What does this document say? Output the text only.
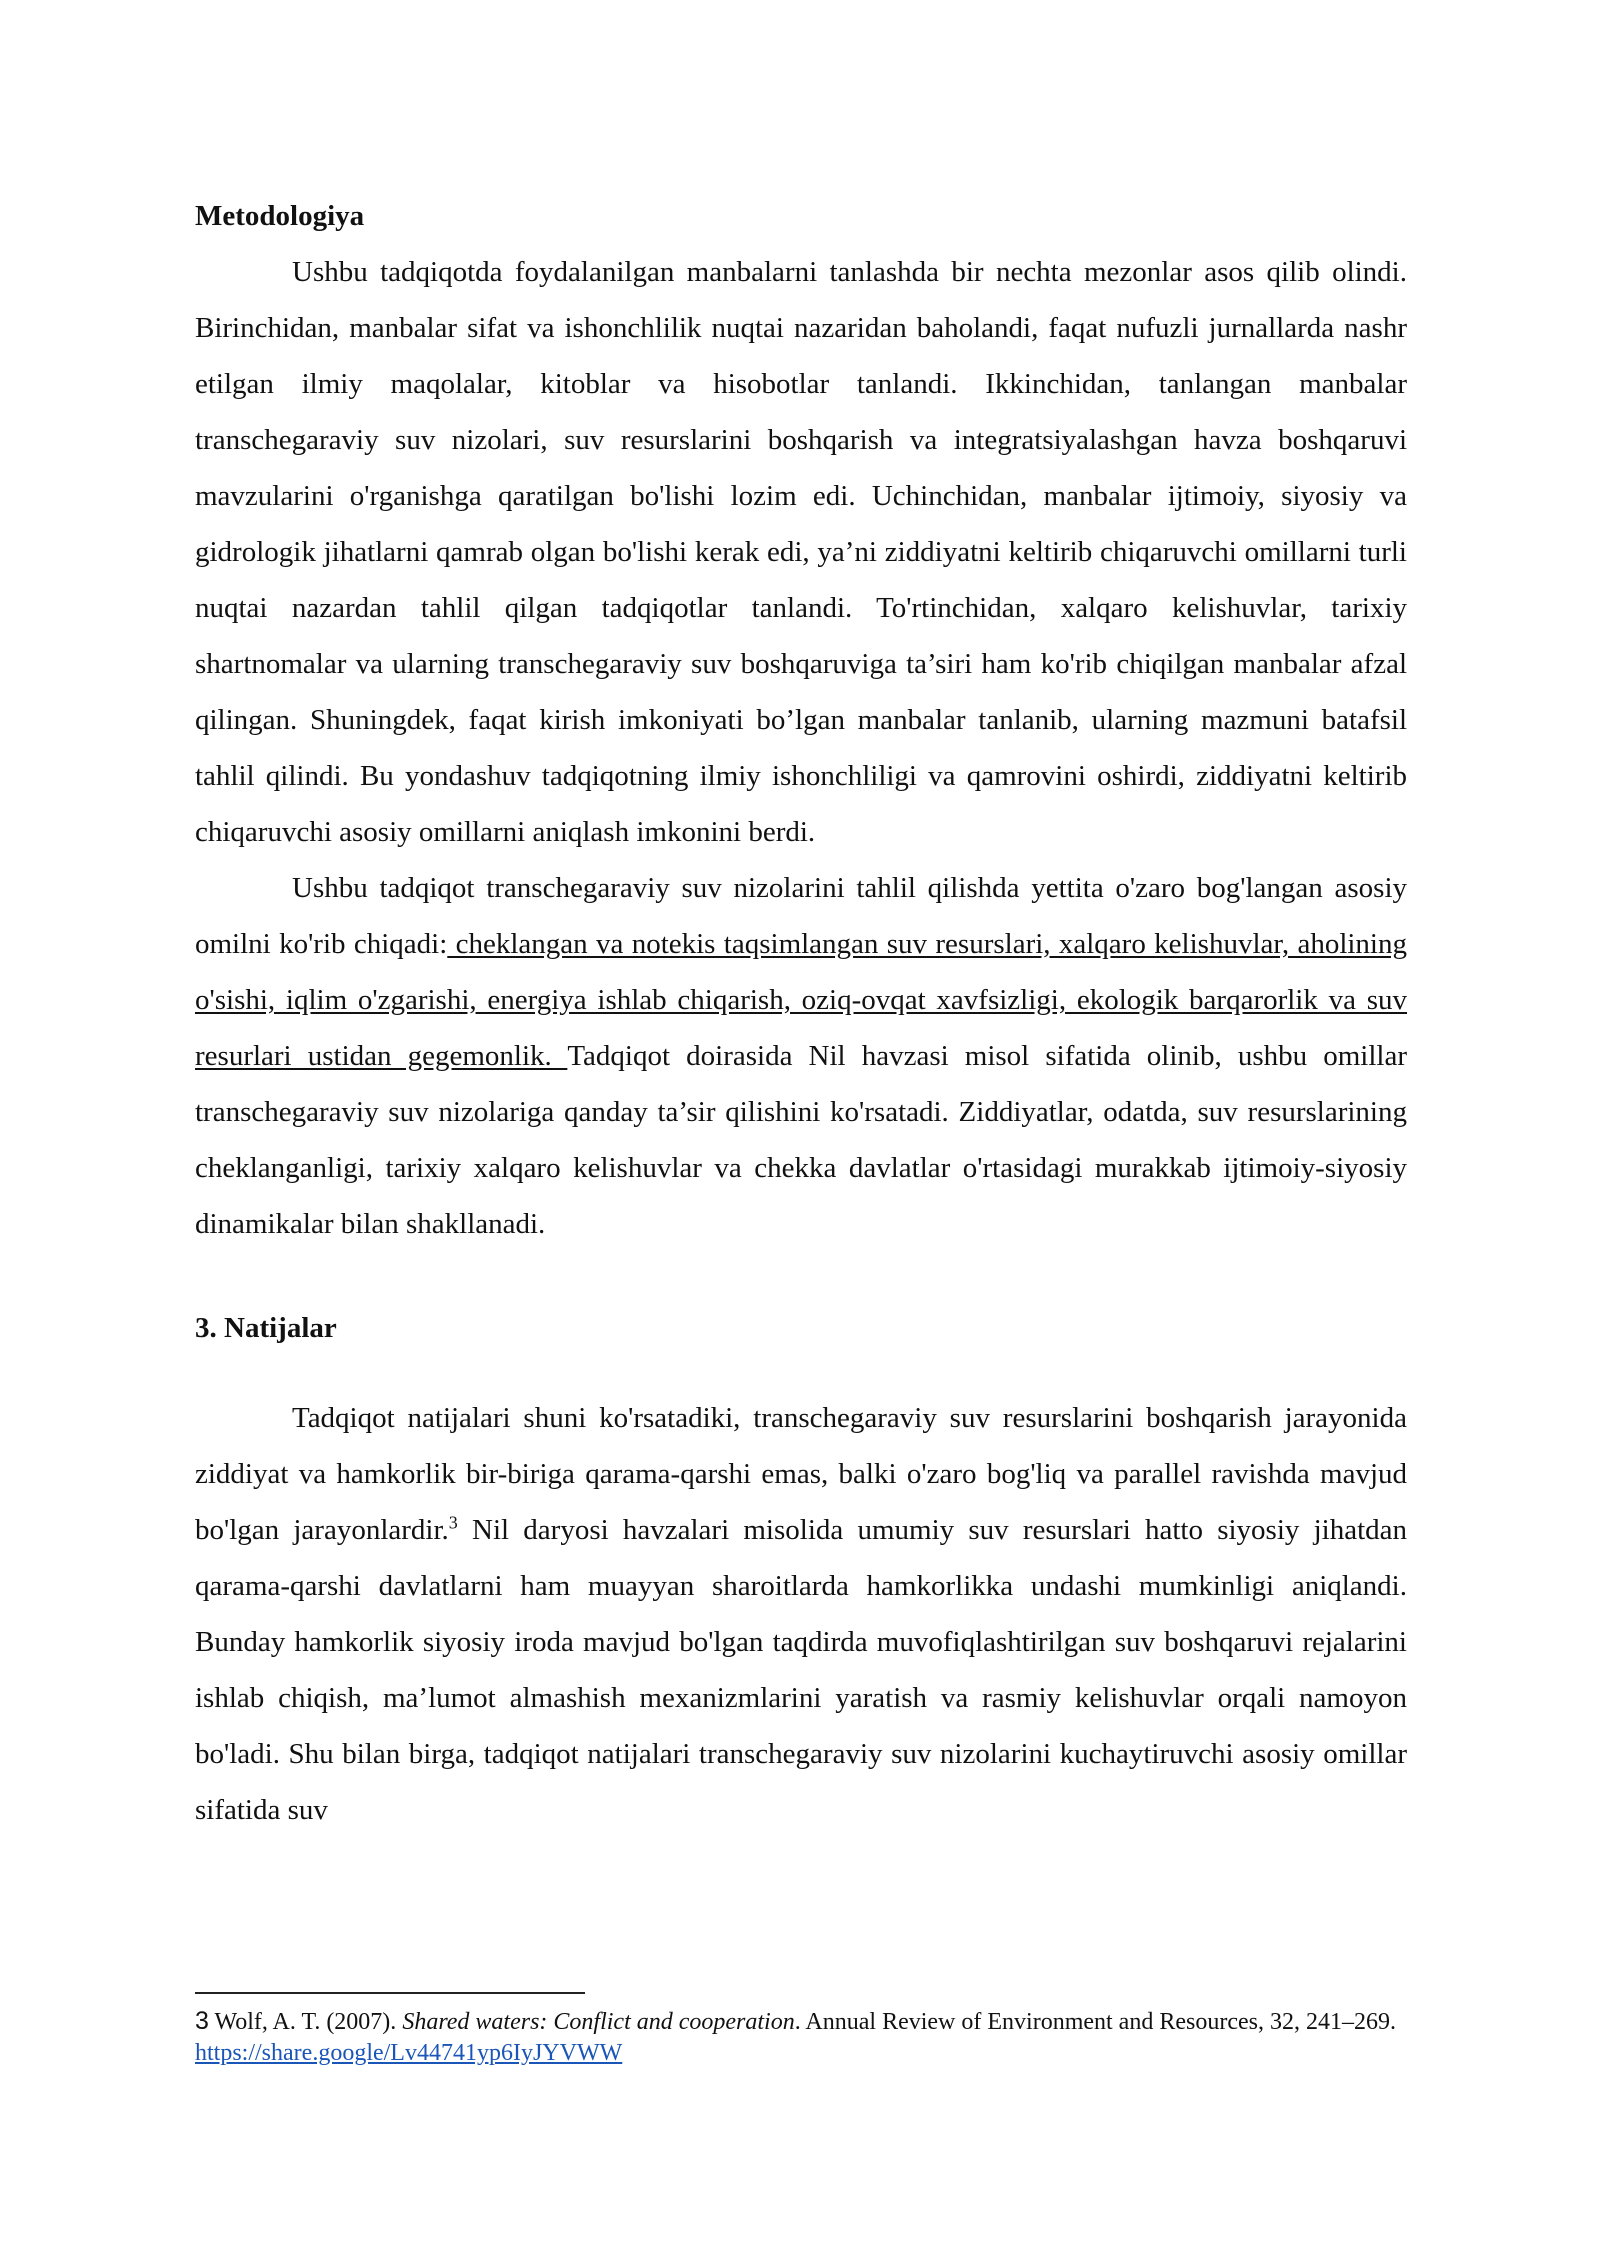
Metodologiya

Ushbu tadqiqotda foydalanilgan manbalarni tanlashda bir nechta mezonlar asos qilib olindi. Birinchidan, manbalar sifat va ishonchlilik nuqtai nazaridan baholandi, faqat nufuzli jurnallarda nashr etilgan ilmiy maqolalar, kitoblar va hisobotlar tanlandi. Ikkinchidan, tanlangan manbalar transchegaraviy suv nizolari, suv resurslarini boshqarish va integratsiyalashgan havza boshqaruvi mavzularini o'rganishga qaratilgan bo'lishi lozim edi. Uchinchidan, manbalar ijtimoiy, siyosiy va gidrologik jihatlarni qamrab olgan bo'lishi kerak edi, ya’ni ziddiyatni keltirib chiqaruvchi omillarni turli nuqtai nazardan tahlil qilgan tadqiqotlar tanlandi. To'rtinchidan, xalqaro kelishuvlar, tarixiy shartnomalar va ularning transchegaraviy suv boshqaruviga ta’siri ham ko'rib chiqilgan manbalar afzal qilingan. Shuningdek, faqat kirish imkoniyati bo’lgan manbalar tanlanib, ularning mazmuni batafsil tahlil qilindi. Bu yondashuv tadqiqotning ilmiy ishonchliligi va qamrovini oshirdi, ziddiyatni keltirib chiqaruvchi asosiy omillarni aniqlash imkonini berdi.

Ushbu tadqiqot transchegaraviy suv nizolarini tahlil qilishda yettita o'zaro bog'langan asosiy omilni ko'rib chiqadi: cheklangan va notekis taqsimlangan suv resurslari, xalqaro kelishuvlar, aholining o'sishi, iqlim o'zgarishi, energiya ishlab chiqarish, oziq-ovqat xavfsizligi, ekologik barqarorlik va suv resurlari ustidan gegemonlik. Tadqiqot doirasida Nil havzasi misol sifatida olinib, ushbu omillar transchegaraviy suv nizolariga qanday ta’sir qilishini ko'rsatadi. Ziddiyatlar, odatda, suv resurslarining cheklanganligi, tarixiy xalqaro kelishuvlar va chekka davlatlar o'rtasidagi murakkab ijtimoiy-siyosiy dinamikalar bilan shakllanadi.

3. Natijalar

Tadqiqot natijalari shuni ko'rsatadiki, transchegaraviy suv resurslarini boshqarish jarayonida ziddiyat va hamkorlik bir-biriga qarama-qarshi emas, balki o'zaro bog'liq va parallel ravishda mavjud bo'lgan jarayonlardir.$^3$ Nil daryosi havzalari misolida umumiy suv resurslari hatto siyosiy jihatdan qarama-qarshi davlatlarni ham muayyan sharoitlarda hamkorlikka undashi mumkinligi aniqlandi. Bunday hamkorlik siyosiy iroda mavjud bo'lgan taqdirda muvofiqlashtirilgan suv boshqaruvi rejalarini ishlab chiqish, ma’lumot almashish mexanizmlarini yaratish va rasmiy kelishuvlar orqali namoyon bo'ladi. Shu bilan birga, tadqiqot natijalari transchegaraviy suv nizolarini kuchaytiruvchi asosiy omillar sifatida suv

3 Wolf, A. T. (2007). Shared waters: Conflict and cooperation. Annual Review of Environment and Resources, 32, 241–269. https://share.google/Lv44741yp6IyJYVWW
